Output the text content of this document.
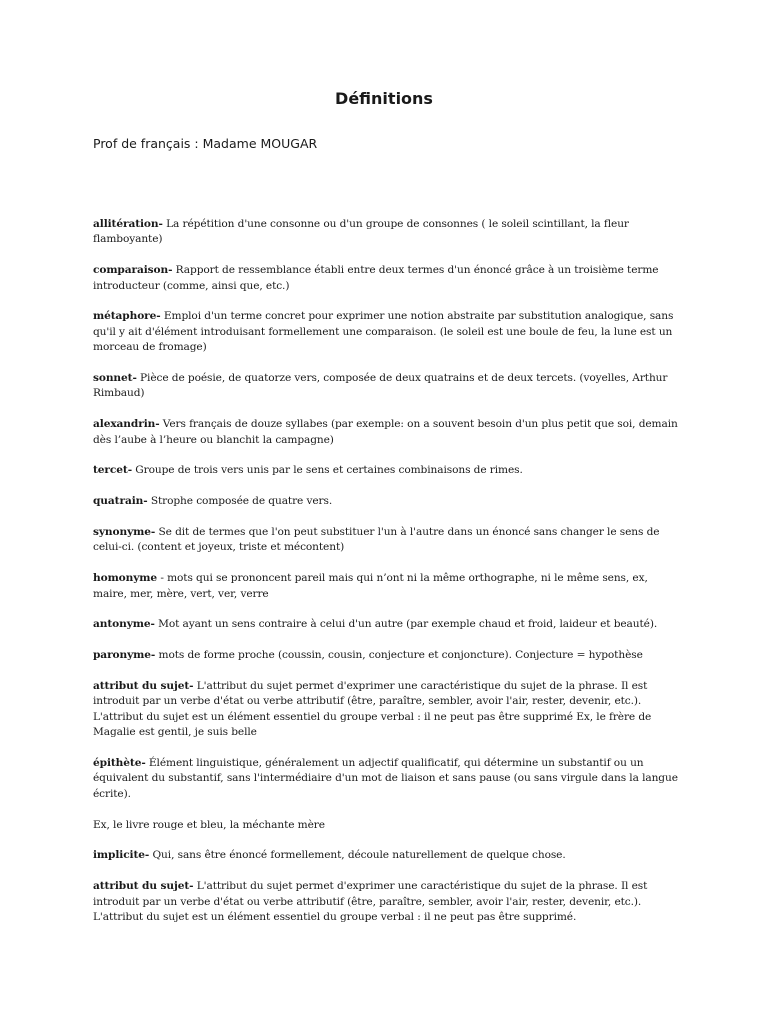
Définitions

Prof de français : Madame MOUGAR

allitération- La répétition d'une consonne ou d'un groupe de consonnes ( le soleil scintillant, la fleur flamboyante)

comparaison- Rapport de ressemblance établi entre deux termes d'un énoncé grâce à un troisième terme introducteur (comme, ainsi que, etc.)

métaphore- Emploi d'un terme concret pour exprimer une notion abstraite par substitution analogique, sans qu'il y ait d'élément introduisant formellement une comparaison. (le soleil est une boule de feu, la lune est un morceau de fromage)

sonnet- Pièce de poésie, de quatorze vers, composée de deux quatrains et de deux tercets. (voyelles, Arthur Rimbaud)

alexandrin- Vers français de douze syllabes (par exemple: on a souvent besoin d'un plus petit que soi, demain dès l’aube à l’heure ou blanchit la campagne)

tercet- Groupe de trois vers unis par le sens et certaines combinaisons de rimes.

quatrain- Strophe composée de quatre vers.

synonyme- Se dit de termes que l'on peut substituer l'un à l'autre dans un énoncé sans changer le sens de celui-ci. (content et joyeux, triste et mécontent)

homonyme - mots qui se prononcent pareil mais qui n’ont ni la même orthographe, ni le même sens, ex, maire, mer, mère, vert, ver, verre

antonyme- Mot ayant un sens contraire à celui d'un autre (par exemple chaud et froid, laideur et beauté).

paronyme- mots de forme proche (coussin, cousin, conjecture et conjoncture). Conjecture = hypothèse

attribut du sujet- L'attribut du sujet permet d'exprimer une caractéristique du sujet de la phrase. Il est introduit par un verbe d'état ou verbe attributif (être, paraître, sembler, avoir l'air, rester, devenir, etc.). L'attribut du sujet est un élément essentiel du groupe verbal : il ne peut pas être supprimé Ex, le frère de Magalie est gentil, je suis belle

épithète- Élément linguistique, généralement un adjectif qualificatif, qui détermine un substantif ou un équivalent du substantif, sans l'intermédiaire d'un mot de liaison et sans pause (ou sans virgule dans la langue écrite).

Ex, le livre rouge et bleu, la méchante mère

implicite- Qui, sans être énoncé formellement, découle naturellement de quelque chose.

attribut du sujet- L'attribut du sujet permet d'exprimer une caractéristique du sujet de la phrase. Il est introduit par un verbe d'état ou verbe attributif (être, paraître, sembler, avoir l'air, rester, devenir, etc.). L'attribut du sujet est un élément essentiel du groupe verbal : il ne peut pas être supprimé.
